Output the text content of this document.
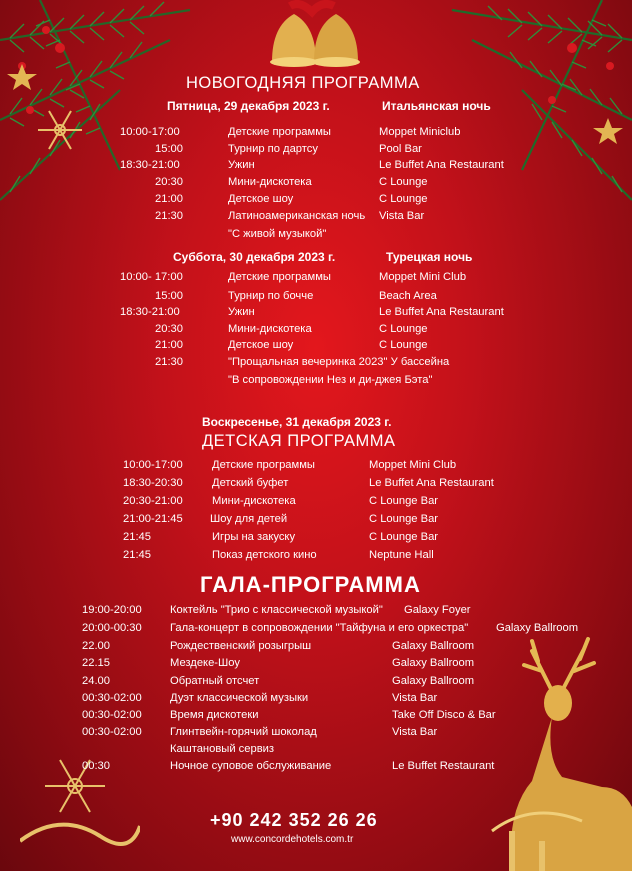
НОВОГОДНЯЯ ПРОГРАММА
Пятница, 29 декабря 2023 г.	Итальянская ночь
10:00-17:00	Детские программы	Moppet Miniclub
15:00	Турнир по дартсу	Pool Bar
18:30-21:00	Ужин	Le Buffet Ana Restaurant
20:30	Мини-дискотека	C Lounge
21:00	Детское шоу	C Lounge
21:30	Латиноамериканская ночь Vista Bar
"С живой музыкой"
Суббота, 30 декабря 2023 г.	Турецкая ночь
10:00- 17:00	Детские программы	Moppet Mini Club
15:00	Турнир по бочче	Beach Area
18:30-21:00	Ужин	Le Buffet Ana Restaurant
20:30	Мини-дискотека	C Lounge
21:00	Детское шоу	C Lounge
21:30	"Прощальная вечеринка 2023" У бассейна
"В сопровождении Нез и ди-джея Бэта"
Воскресенье, 31 декабря 2023 г.
ДЕТСКАЯ ПРОГРАММА
10:00-17:00	Детские программы	Moppet Mini Club
18:30-20:30	Детский буфет	Le Buffet Ana Restaurant
20:30-21:00	Мини-дискотека	C Lounge Bar
21:00-21:45 Шоу для детей	C Lounge Bar
21:45	Игры на закуску	C Lounge Bar
21:45	Показ детского кино	Neptune Hall
ГАЛА-ПРОГРАММА
19:00-20:00	Коктейль "Трио с классической музыкой" Galaxy Foyer
20:00-00:30	Гала-концерт в сопровождении "Тайфуна и его оркестра" Galaxy Ballroom
22.00	Рождественский розыгрыш	Galaxy Ballroom
22.15	Мездеке-Шоу	Galaxy Ballroom
24.00	Обратный отсчет	Galaxy Ballroom
00:30-02:00	Дуэт классической музыки	Vista Bar
00:30-02:00	Время дискотеки	Take Off Disco & Bar
00:30-02:00	Глинтвейн-горячий шоколад	Vista Bar
Каштановый сервиз
00:30	Ночное суповое обслуживание	Le Buffet Restaurant
+90 242 352 26 26
www.concordehotels.com.tr
